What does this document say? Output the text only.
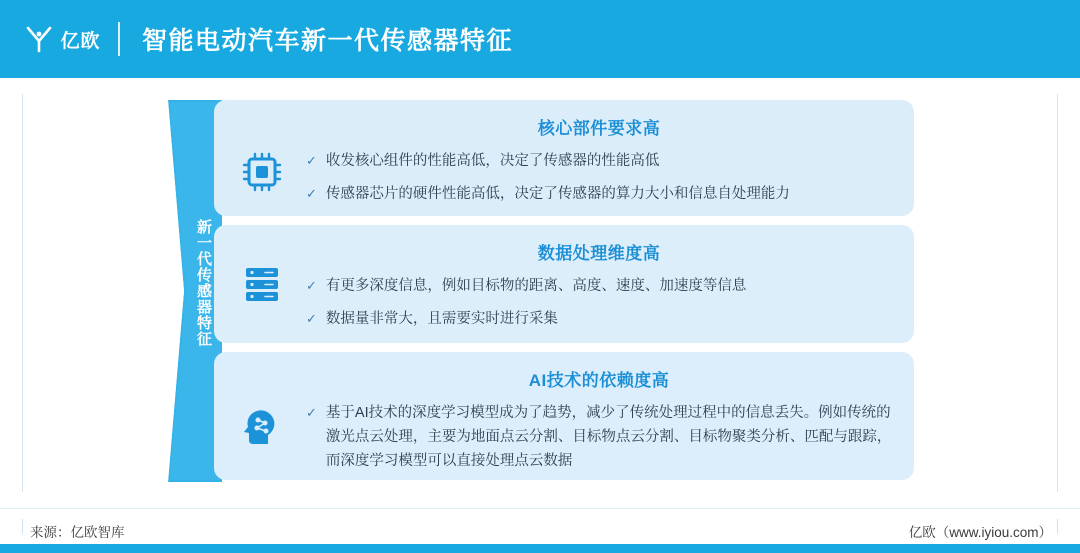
亿欧 智能电动汽车新一代传感器特征
新一代传感器特征
核心部件要求高
✓ 收发核心组件的性能高低，决定了传感器的性能高低
✓ 传感器芯片的硬件性能高低，决定了传感器的算力大小和信息自处理能力
数据处理维度高
✓ 有更多深度信息，例如目标物的距离、高度、速度、加速度等信息
✓ 数据量非常大，且需要实时进行采集
AI技术的依赖度高
✓ 基于AI技术的深度学习模型成为了趋势，减少了传统处理过程中的信息丢失。例如传统的激光点云处理，主要为地面点云分割、目标物点云分割、目标物聚类分析、匹配与跟踪，而深度学习模型可以直接处理点云数据
来源：亿欧智库	亿欧（www.iyiou.com）
